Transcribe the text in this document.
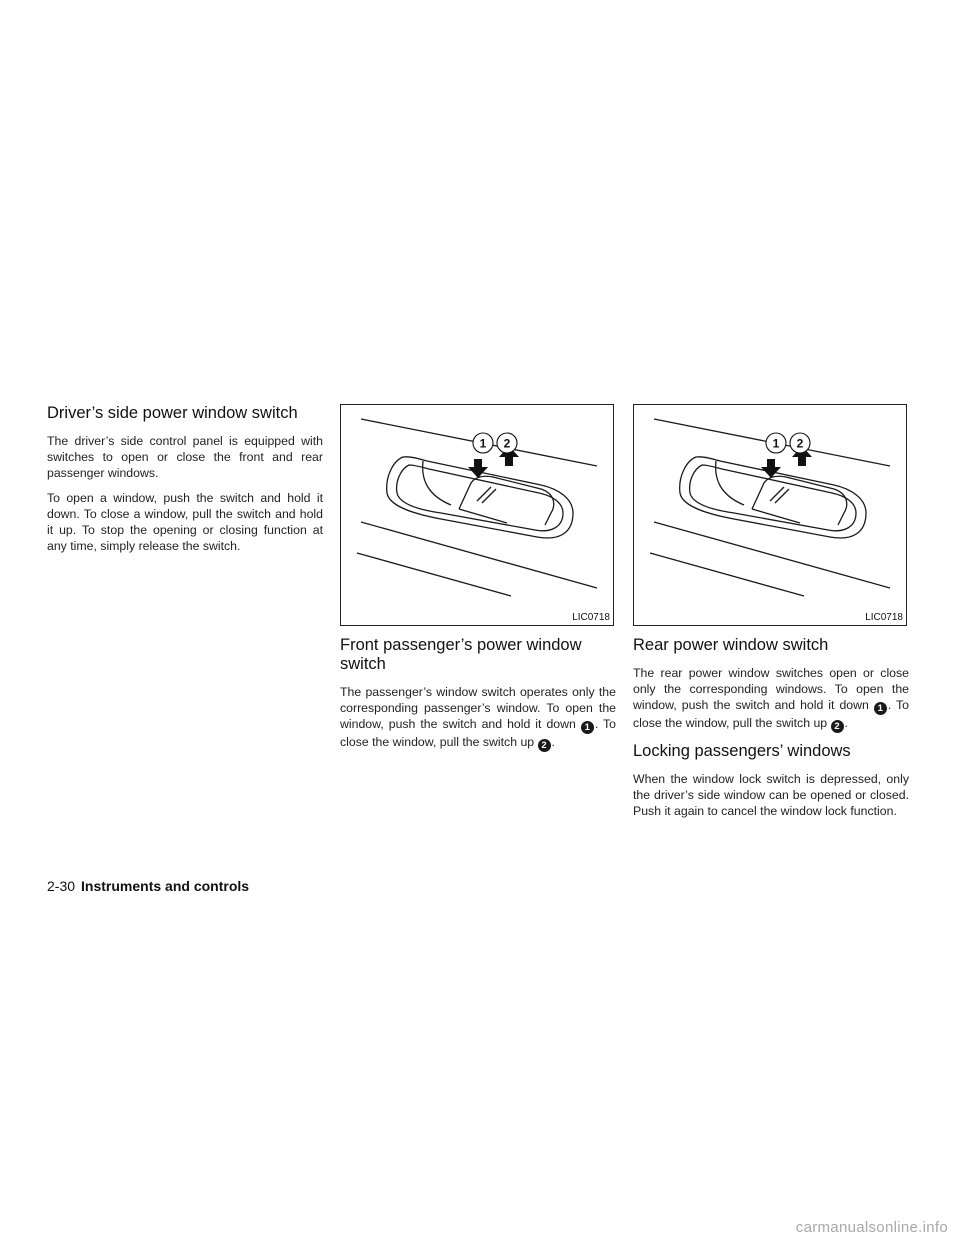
Driver’s side power window switch

The driver’s side control panel is equipped with switches to open or close the front and rear passenger windows.

To open a window, push the switch and hold it down. To close a window, pull the switch and hold it up. To stop the opening or closing function at any time, simply release the switch.

1 2
LIC0718
Front passenger’s power window switch

The passenger’s window switch operates only the corresponding passenger’s window. To open the window, push the switch and hold it down 1 . To close the window, pull the switch up 2 .

1 2
LIC0718
Rear power window switch

The rear power window switches open or close only the corresponding windows. To open the window, push the switch and hold it down 1 . To close the window, pull the switch up 2 .

Locking passengers’ windows

When the window lock switch is depressed, only the driver’s side window can be opened or closed. Push it again to cancel the window lock function.

2-30 Instruments and controls
carmanualsonline.info
